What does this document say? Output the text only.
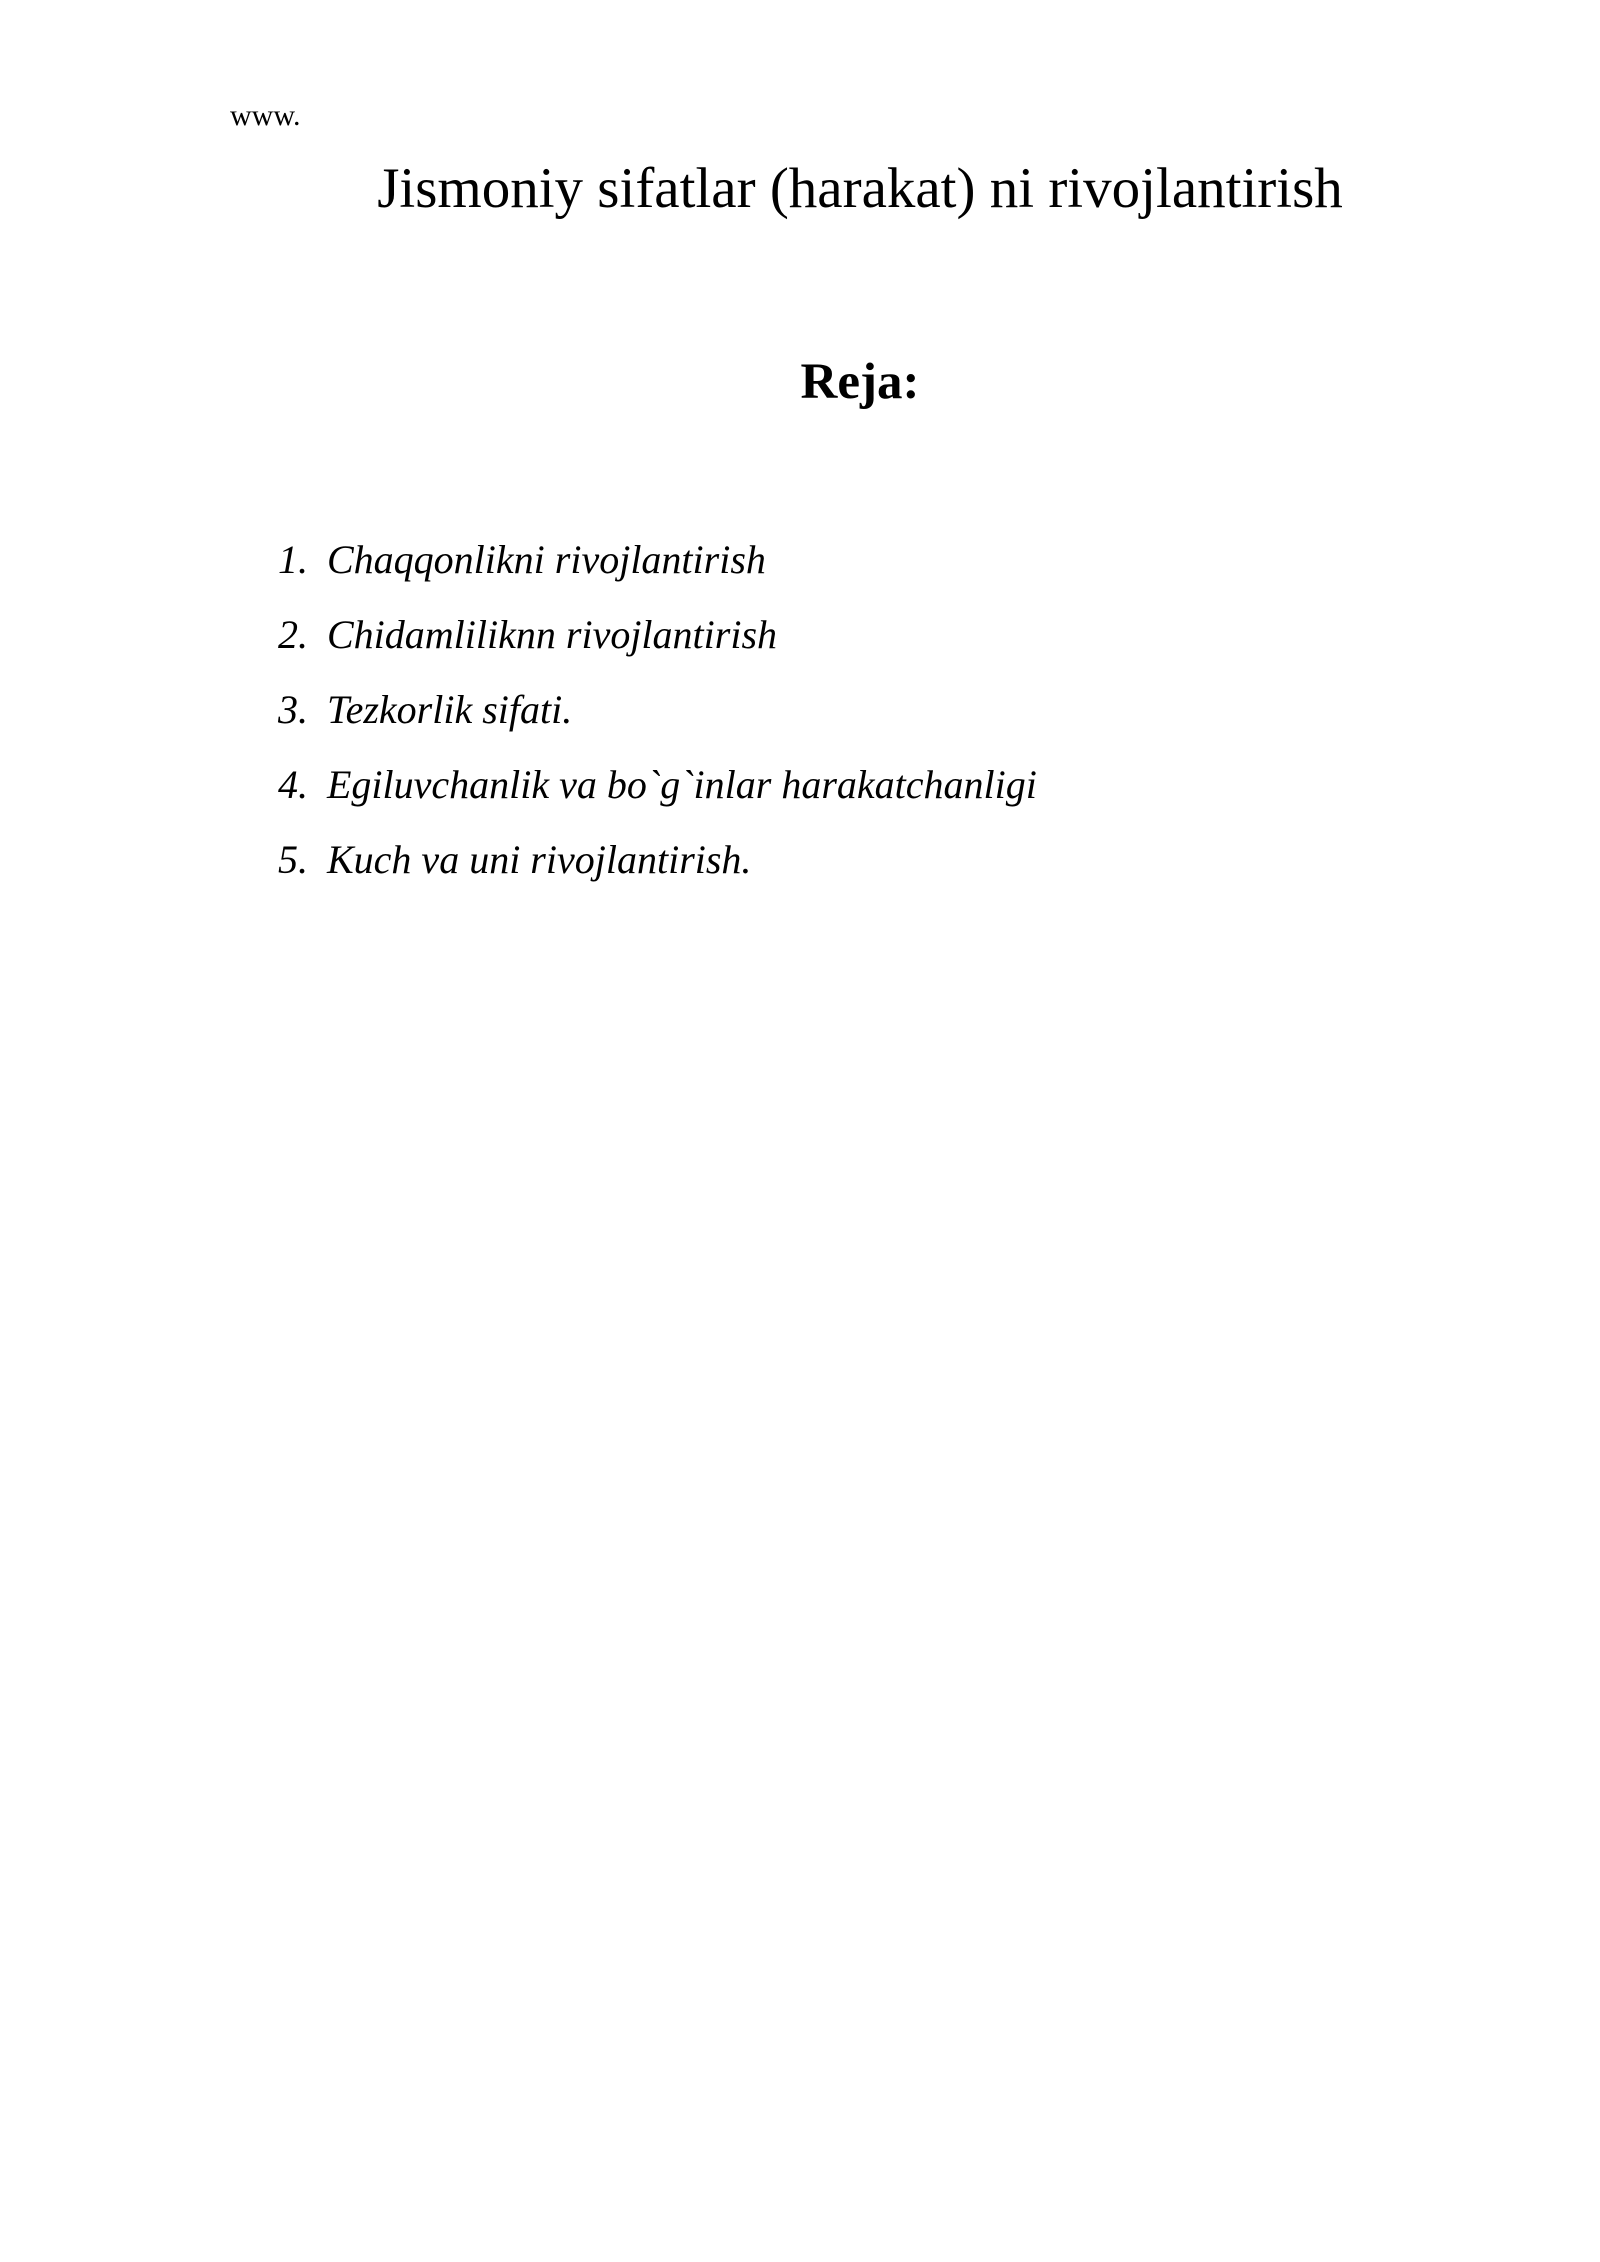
www.
Jismoniy sifatlar (harakat) ni rivojlantirish
Reja:
1. Chaqqonlikni rivojlantirish
2. Chidamliliknn rivojlantirish
3. Tezkorlik sifati.
4. Egiluvchanlik va bo`g`inlar harakatchanligi
5. Kuch va uni rivojlantirish.
